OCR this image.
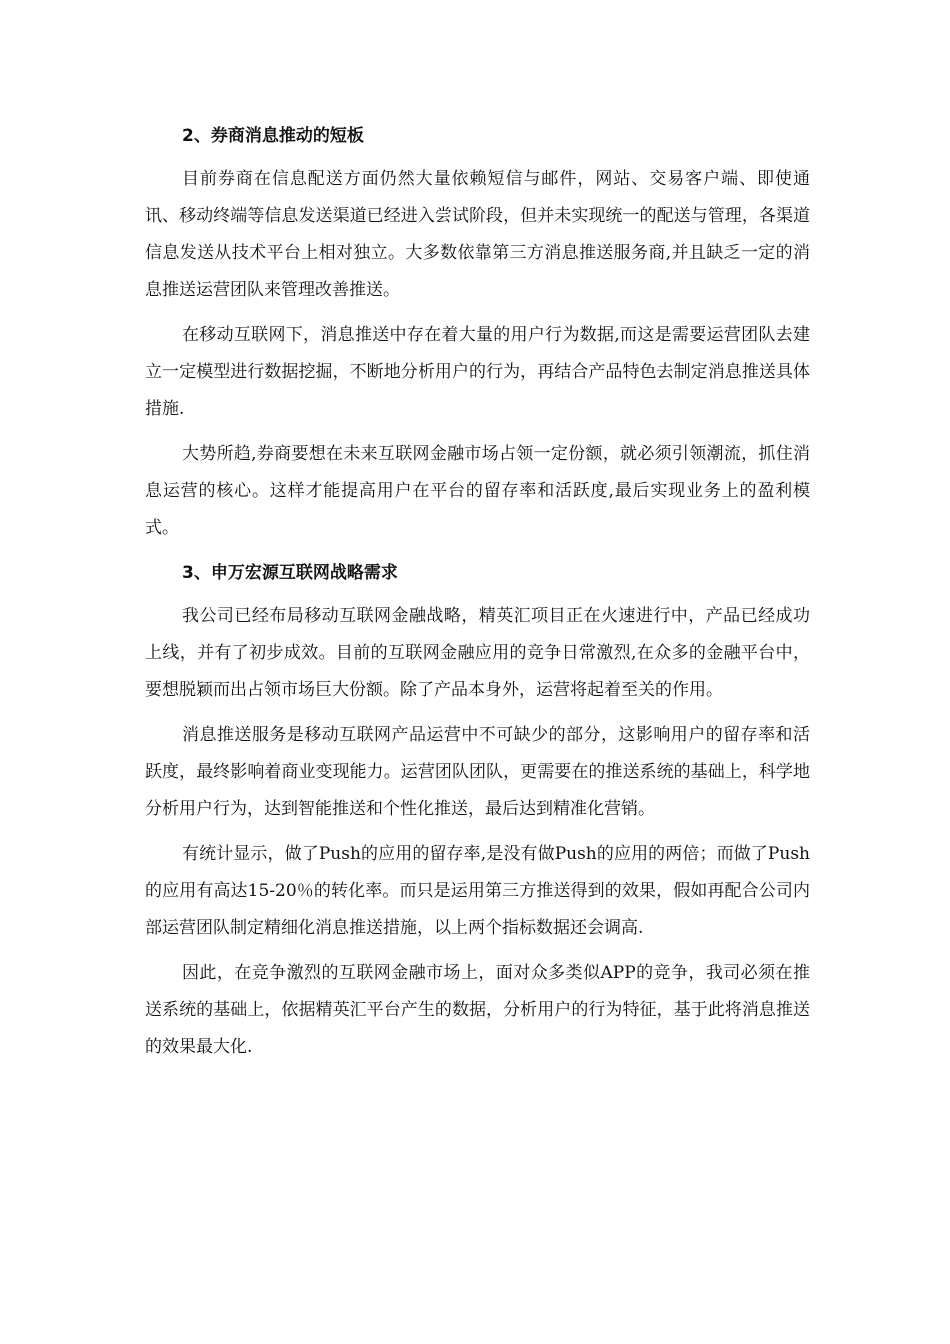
2、券商消息推动的短板

目前券商在信息配送方面仍然大量依赖短信与邮件，网站、交易客户端、即使通讯、移动终端等信息发送渠道已经进入尝试阶段，但并未实现统一的配送与管理，各渠道信息发送从技术平台上相对独立。大多数依靠第三方消息推送服务商,并且缺乏一定的消息推送运营团队来管理改善推送。

在移动互联网下，消息推送中存在着大量的用户行为数据,而这是需要运营团队去建立一定模型进行数据挖掘，不断地分析用户的行为，再结合产品特色去制定消息推送具体措施.

大势所趋,券商要想在未来互联网金融市场占领一定份额，就必须引领潮流，抓住消息运营的核心。这样才能提高用户在平台的留存率和活跃度,最后实现业务上的盈利模式。

3、申万宏源互联网战略需求

我公司已经布局移动互联网金融战略，精英汇项目正在火速进行中，产品已经成功上线，并有了初步成效。目前的互联网金融应用的竞争日常激烈,在众多的金融平台中，要想脱颖而出占领市场巨大份额。除了产品本身外，运营将起着至关的作用。

消息推送服务是移动互联网产品运营中不可缺少的部分，这影响用户的留存率和活跃度，最终影响着商业变现能力。运营团队团队，更需要在的推送系统的基础上，科学地分析用户行为，达到智能推送和个性化推送，最后达到精准化营销。

有统计显示，做了Push的应用的留存率,是没有做Push的应用的两倍；而做了Push的应用有高达15-20％的转化率。而只是运用第三方推送得到的效果，假如再配合公司内部运营团队制定精细化消息推送措施，以上两个指标数据还会调高.

因此，在竞争激烈的互联网金融市场上，面对众多类似APP的竞争，我司必须在推送系统的基础上，依据精英汇平台产生的数据，分析用户的行为特征，基于此将消息推送的效果最大化.
